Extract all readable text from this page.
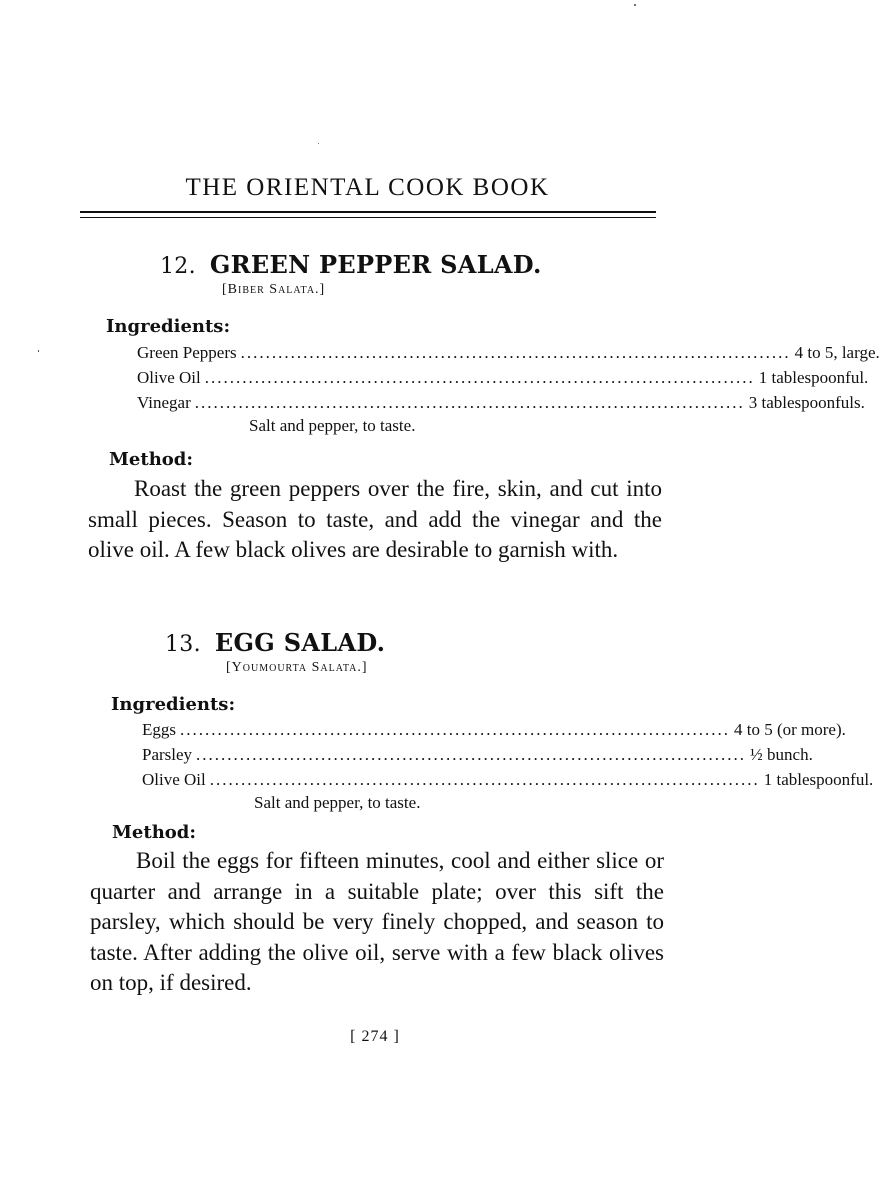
THE ORIENTAL COOK BOOK
12. GREEN PEPPER SALAD.
[Biber Salata.]
Ingredients:
Green Peppers ........................................................................................ 4 to 5, large.
Olive Oil ........................................................................................ 1 tablespoonful.
Vinegar ........................................................................................ 3 tablespoonfuls.
Salt and pepper, to taste.
Method:
Roast the green peppers over the fire, skin, and cut into small pieces. Season to taste, and add the vinegar and the olive oil. A few black olives are desirable to garnish with.
13. EGG SALAD.
[Youmourta Salata.]
Ingredients:
Eggs ........................................................................................ 4 to 5 (or more).
Parsley ........................................................................................ ½ bunch.
Olive Oil ........................................................................................ 1 tablespoonful.
Salt and pepper, to taste.
Method:
Boil the eggs for fifteen minutes, cool and either slice or quarter and arrange in a suitable plate; over this sift the parsley, which should be very finely chopped, and season to taste. After adding the olive oil, serve with a few black olives on top, if desired.
[ 274 ]
